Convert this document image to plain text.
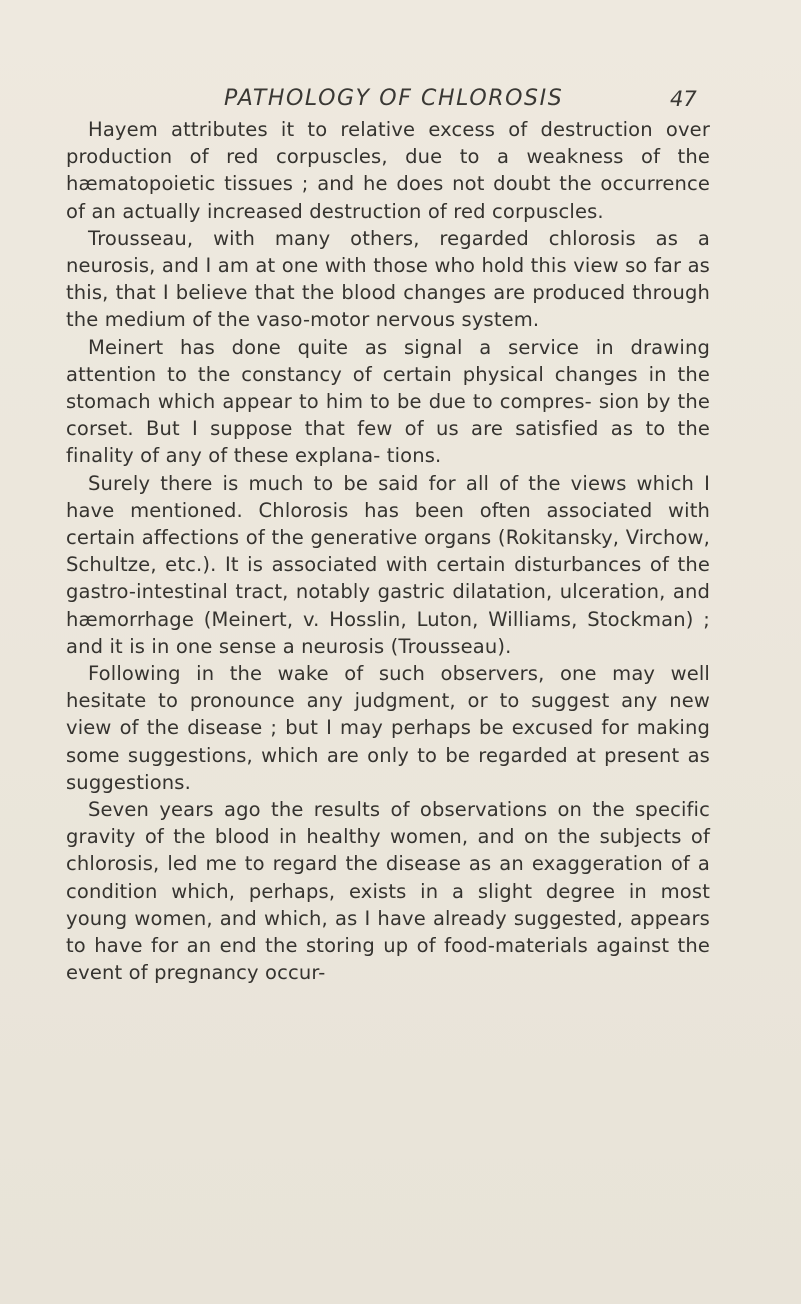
PATHOLOGY OF CHLOROSIS	47

Hayem attributes it to relative excess of destruction over production of red corpuscles, due to a weakness of the hæmatopoietic tissues ; and he does not doubt the occurrence of an actually increased destruction of red corpuscles.

Trousseau, with many others, regarded chlorosis as a neurosis, and I am at one with those who hold this view so far as this, that I believe that the blood changes are produced through the medium of the vaso-motor nervous system.

Meinert has done quite as signal a service in drawing attention to the constancy of certain physical changes in the stomach which appear to him to be due to compres- sion by the corset. But I suppose that few of us are satisfied as to the finality of any of these explana- tions.

Surely there is much to be said for all of the views which I have mentioned. Chlorosis has been often associated with certain affections of the generative organs (Rokitansky, Virchow, Schultze, etc.). It is associated with certain disturbances of the gastro-intestinal tract, notably gastric dilatation, ulceration, and hæmorrhage (Meinert, v. Hosslin, Luton, Williams, Stockman) ; and it is in one sense a neurosis (Trousseau).

Following in the wake of such observers, one may well hesitate to pronounce any judgment, or to suggest any new view of the disease ; but I may perhaps be excused for making some suggestions, which are only to be regarded at present as suggestions.

Seven years ago the results of observations on the specific gravity of the blood in healthy women, and on the subjects of chlorosis, led me to regard the disease as an exaggeration of a condition which, perhaps, exists in a slight degree in most young women, and which, as I have already suggested, appears to have for an end the storing up of food-materials against the event of pregnancy occur-
